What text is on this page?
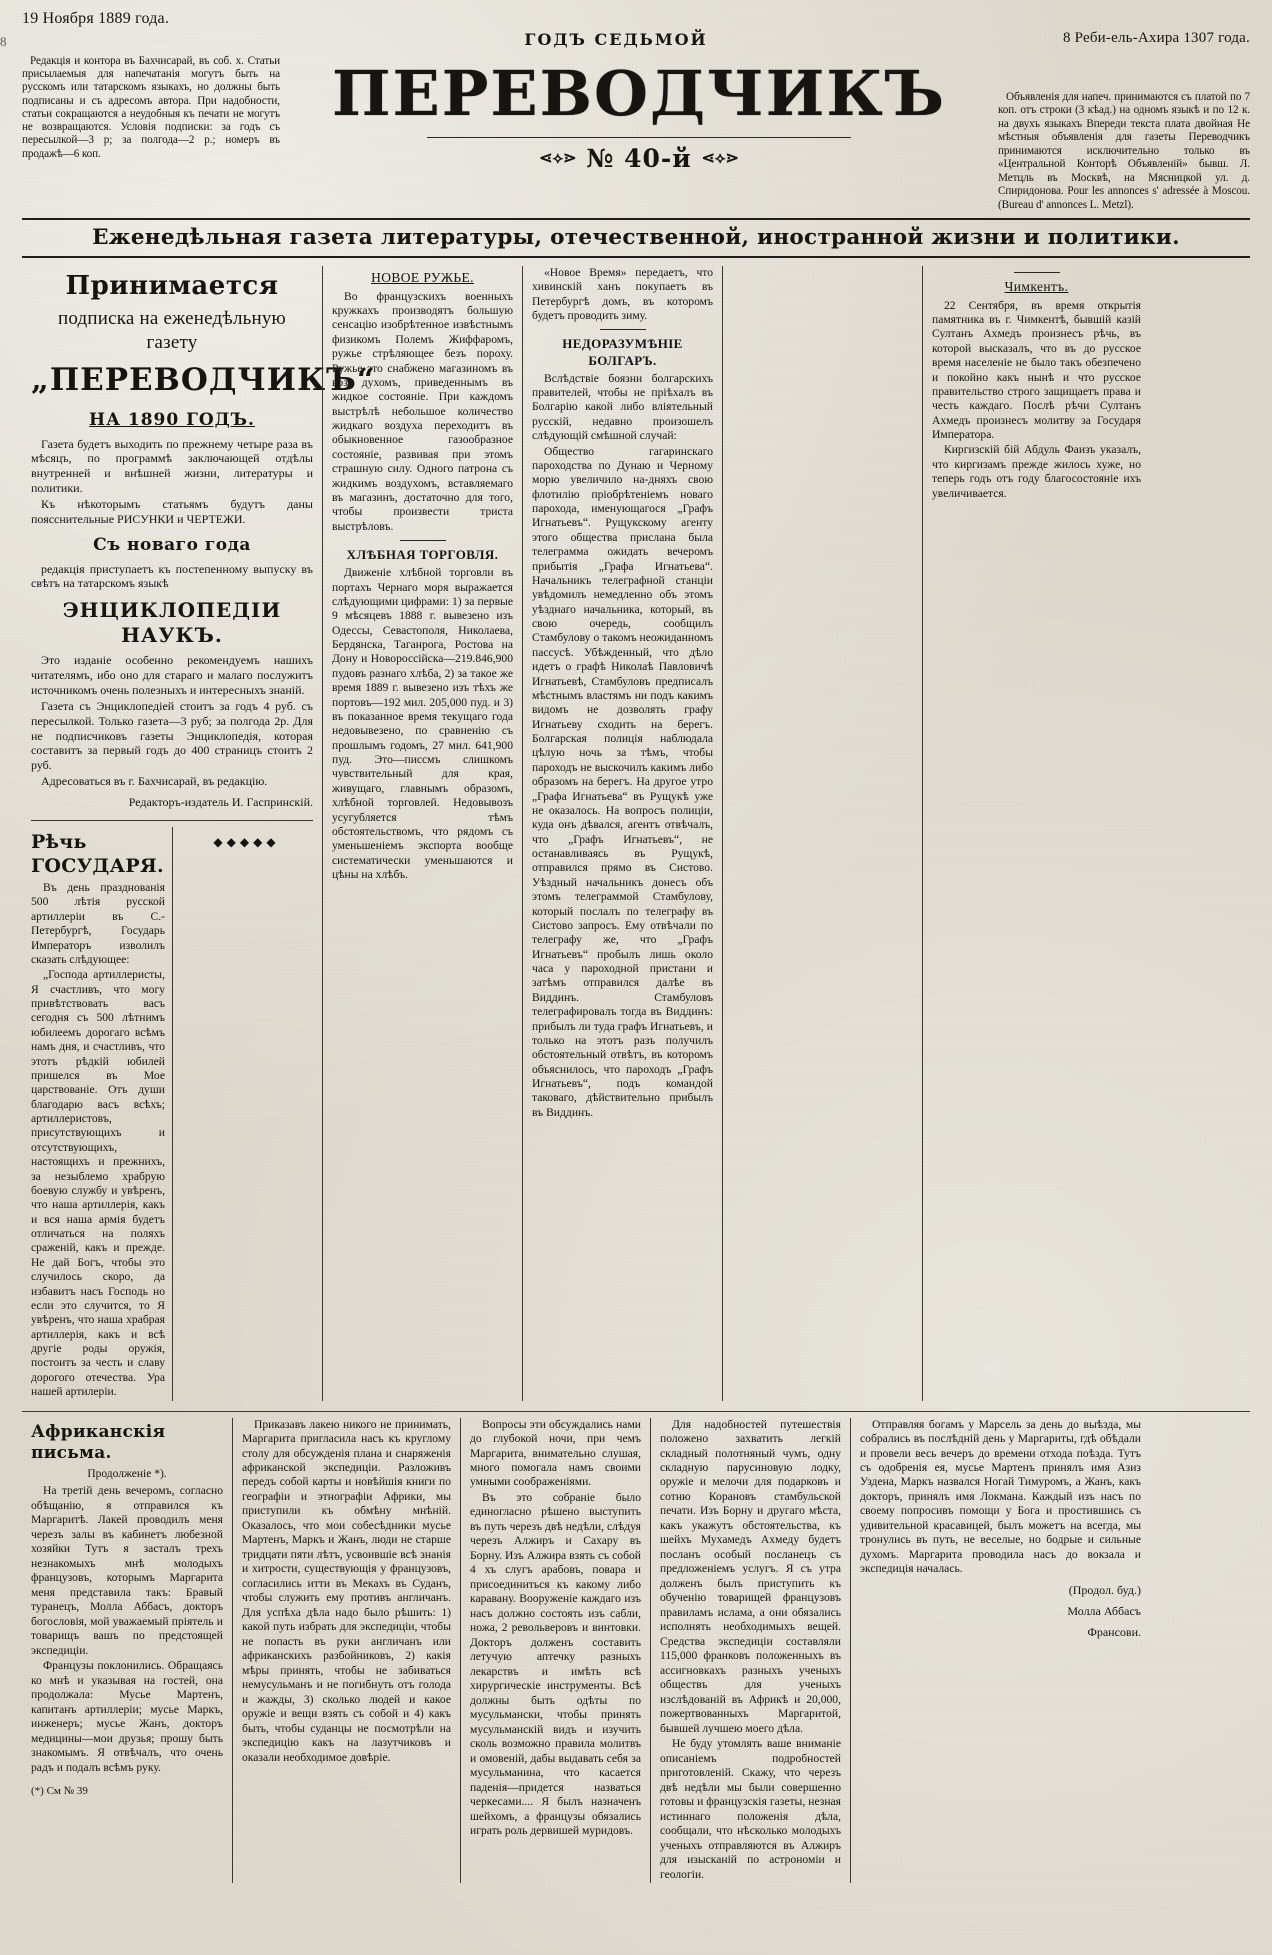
8
19 Ноября 1889 года.
ГОДЪ СЕДЬМОЙ	8 Реби-ель-Ахира 1307 года.

Редакція и контора въ Бахчисарай, въ соб. х. Статьи присылаемыя для напечатанія могутъ быть на русскомъ или татарскомъ языкахъ, но должны быть подписаны и съ адресомъ автора. При надобности, статьи сокращаются а неудобныя къ печати не могутъ не возвращаются. Условія подписки: за годъ съ пересылкой—3 р; за полгода—2 р.; номеръ въ продажѣ—6 коп.

ПЕРЕВОДЧИКЪ
⋖⟡⋗ № 40-й ⋖⟡⋗

Объявленія для напеч. принимаются съ платой по 7 коп. отъ строки (3 кѣад.) на одномъ языкѣ и по 12 к. на двухъ языкахъ Впереди текста плата двойная Не мѣстныя объявленія для газеты Переводчикъ принимаются исключительно только въ «Центральной Конторѣ Объявленій» бывш. Л. Метцль въ Москвѣ, на Мясницкой ул. д. Спиридонова. Pour les annonces s' adressée à Moscou. (Bureau d' annonces L. Metzl).

Еженедѣльная газета литературы, отечественной, иностранной жизни и политики.
Принимается
подписка на еженедѣльную газету
„ПЕРЕВОДЧИКЪ“
НА 1890 ГОДЪ.

Газета будетъ выходить по прежнему четыре раза въ мѣсяцъ, по программѣ заключающей отдѣлы внутренней и внѣшней жизни, литературы и политики.

Къ нѣкоторымъ статьямъ будутъ даны поясснительные РИСУНКИ и ЧЕРТЕЖИ.

Съ новаго года

редакція приступаетъ къ постепенному выпуску въ свѣтъ на татарскомъ языкѣ

ЭНЦИКЛОПЕДІИ НАУКЪ.

Это изданіе особенно рекомендуемъ нашихъ читателямъ, ибо оно для стараго и малаго послужитъ источникомъ очень полезныхъ и интересныхъ знаній.

Газета съ Энциклопедіей стоитъ за годъ 4 руб. съ пересылкой. Только газета—3 руб; за полгода 2р. Для не подписчиковъ газеты Энциклопедія, которая составитъ за первый годъ до 400 страницъ стоитъ 2 руб.

Адресоваться въ г. Бахчисарай, въ редакцію.

Редакторъ-издатель И. Гаспринскій.
Рѣчь ГОСУДАРЯ.

Въ день празднованія 500 лѣтія русской артиллеріи въ С.-Петербургѣ, Государь Императоръ изволилъ сказать слѣдующее:

„Господа артиллеристы, Я счастливъ, что могу привѣтствовать васъ сегодня съ 500 лѣтнимъ юбилеемъ дорогаго всѣмъ намъ дня, и счастливъ, что этотъ рѣдкій юбилей пришелся въ Мое царствованіе. Отъ души благодарю васъ всѣхъ; артиллеристовъ, присутствующихъ и отсутствующихъ, настоящихъ и прежнихъ, за незыблемо храбрую боевую службу и увѣренъ, что наша артиллерія, какъ и вся наша армія будетъ отличаться на поляхъ сраженій, какъ и прежде. Не дай Богъ, чтобы это случилось скоро, да избавитъ насъ Господь но если это случится, то Я увѣренъ, что наша храбрая артиллерія, какъ и всѣ другіе роды оружія, постоитъ за честь и славу дорогого отечества. Ура нашей артилеріи.

◆◆◆◆◆
НОВОЕ РУЖЬЕ.

Во французскихъ военныхъ кружкахъ производятъ большую сенсацію изобрѣтенное извѣстнымъ физикомъ Полемъ Жиффаромъ, ружье стрѣляющее безъ пороху. Ружье это снабжено магазиномъ въ воз духомъ, приведеннымъ въ жидкое состояніе. При каждомъ выстрѣлѣ небольшое количество жидкаго воздуха переходитъ въ обыкновенное газообразное состояніе, развивая при этомъ страшную силу. Одного патрона съ жидкимъ воздухомъ, вставляемаго въ магазинъ, достаточно для того, чтобы произвести триста выстрѣловъ.

ХЛѢБНАЯ ТОРГОВЛЯ.

Движеніе хлѣбной торговли въ портахъ Чернаго моря выражается слѣдующими цифрами: 1) за первые 9 мѣсяцевъ 1888 г. вывезено изъ Одессы, Севастополя, Николаева, Бердянска, Таганрога, Ростова на Дону и Новороссійска—219.846,900 пудовъ разнаго хлѣба, 2) за такое же время 1889 г. вывезено изъ тѣхъ же портовъ—192 мил. 205,000 пуд. и 3) въ показанное время текущаго года недовывезено, по сравненію съ прошлымъ годомъ, 27 мил. 641,900 пуд. Это—писсмъ слишкомъ чувствительный для края, живущаго, главнымъ образомъ, хлѣбной торговлей. Недовывозъ усугубляется тѣмъ обстоятельствомъ, что рядомъ съ уменьшеніемъ экспорта вообще систематически уменьшаются и цѣны на хлѣбъ.

«Новое Время» передаетъ, что хивинскій ханъ покупаетъ въ Петербургѣ домъ, въ которомъ будетъ проводить зиму.

НЕДОРАЗУМѢНІЕ БОЛГАРЪ.

Вслѣдствіе боязни болгарскихъ правителей, чтобы не пріѣхалъ въ Болгарію какой либо вліятельный русскій, недавно произошелъ слѣдующій смѣшной случай:

Общество гагаринскаго пароходства по Дунаю и Черному морю увеличило на-дняхъ свою флотилію пріобрѣтеніемъ новаго парохода, именующагося „Графъ Игнатьевъ“. Рущукскому агенту этого общества прислана была телеграмма ожидать вечеромъ прибытія „Графа Игнатьева“. Начальникъ телеграфной станціи увѣдомилъ немедленно объ этомъ уѣзднаго начальника, который, въ свою очередь, сообщилъ Стамбулову о такомъ неожиданномъ пассусѣ. Убѣжденный, что дѣло идетъ о графѣ Николаѣ Павловичѣ Игнатьевѣ, Стамбуловъ предписалъ мѣстнымъ властямъ ни подъ какимъ видомъ не дозволять графу Игнатьеву сходить на берегъ. Болгарская полиція наблюдала цѣлую ночь за тѣмъ, чтобы пароходъ не выскочилъ какимъ либо образомъ на берегъ. На другое утро „Графа Игнатьева“ въ Рущукѣ уже не оказалось. На вопросъ полиціи, куда онъ дѣвался, агентъ отвѣчалъ, что „Графъ Игнатьевъ“, не останавливаясь въ Рущукѣ, отправился прямо въ Систово. Уѣздный начальникъ донесъ объ этомъ телеграммой Стамбулову, который послалъ по телеграфу въ Систово запросъ. Ему отвѣчали по телеграфу же, что „Графъ Игнатьевъ“ пробылъ лишь около часа у пароходной пристани и затѣмъ отправился далѣе въ Виддинъ. Стамбуловъ телеграфировалъ тогда въ Виддинъ: прибылъ ли туда графъ Игнатьевъ, и только на этотъ разъ получилъ обстоятельный отвѣтъ, въ которомъ объяснилось, что пароходъ „Графъ Игнатьевъ“, подъ командой таковаго, дѣйствительно прибылъ въ Виддинъ.

Чимкентъ.

22 Сентября, въ время открытія памятника въ г. Чимкентѣ, бывшій казій Султанъ Ахмедъ произнесъ рѣчь, въ которой высказалъ, что въ до русское время населеніе не было такъ обезпечено и покойно какъ нынѣ и что русское правительство строго защищаетъ права и честь каждаго. Послѣ рѣчи Султанъ Ахмедъ произнесъ молитву за Государя Императора.

Киргизскій бій Абдуль Фаизъ указалъ, что киргизамъ прежде жилось хуже, но теперь годъ отъ году благосостояніе ихъ увеличивается.

Африканскія письма.
Продолженіе *).

На третій день вечеромъ, согласно обѣщанію, я отправился къ Маргаритѣ. Лакей проводилъ меня черезъ залы въ кабинетъ любезной хозяйки Тутъ я засталъ трехъ незнакомыхъ мнѣ молодыхъ французовъ, которымъ Маргарита меня представила такъ: Бравый туранецъ, Молла Аббасъ, докторъ богословія, мой уважаемый пріятель и товарищъ вашъ по предстоящей экспедиціи.

Французы поклонились. Обращаясь ко мнѣ и указывая на гостей, она продолжала: Мусье Мартенъ, капитанъ артиллеріи; мусье Маркъ, инженеръ; мусье Жанъ, докторъ медицины—мои друзья; прошу быть знакомымъ. Я отвѣчалъ, что очень радъ и подалъ всѣмъ руку.

(*) См № 39

Приказавъ лакею никого не принимать, Маргарита пригласила насъ къ круглому столу для обсужденія плана и снаряженія африканской экспедиціи. Разложивъ передъ собой карты и новѣйшія книги по географіи и этнографіи Африки, мы приступили къ обмѣну мнѣній. Оказалось, что мои собесѣдники мусье Мартенъ, Маркъ и Жанъ, люди не старше тридцати пяти лѣтъ, усвоившіе всѣ знанія и хитрости, существующія у французовъ, согласились итти въ Мекахъ въ Суданъ, чтобы служить ему противъ англичанъ. Для успѣха дѣла надо было рѣшить: 1) какой путь избрать для экспедиціи, чтобы не попасть въ руки англичанъ или африканскихъ разбойниковъ, 2) какія мѣры принять, чтобы не забиваться немусульманъ и не погибнуть отъ голода и жажды, 3) сколько людей и какое оружіе и вещи взять съ собой и 4) какъ быть, чтобы суданцы не посмотрѣли на экспедицію какъ на лазутчиковъ и оказали необходимое довѣріе.

Вопросы эти обсуждались нами до глубокой ночи, при чемъ Маргарита, внимательно слушая, много помогала намъ своими умными соображеніями.

Въ это собраніе было единогласно рѣшено выступить въ путь черезъ двѣ недѣли, слѣдуя черезъ Алжиръ и Сахару въ Борну. Изъ Алжира взять съ собой 4 хъ слугъ арабовъ, повара и присоединиться къ какому либо каравану. Вооруженіе каждаго изъ насъ должно состоять изъ сабли, ножа, 2 револьверовъ и винтовки. Докторъ долженъ составить летучую аптечку разныхъ лекарствъ и имѣть всѣ хирургическіе инструменты. Всѣ должны быть одѣты по мусульмански, чтобы принять мусульманскій видъ и изучить сколь возможно правила молитвъ и омовеній, дабы выдавать себя за мусульманина, что касается паденія—придется назваться черкесами.... Я былъ назначенъ шейхомъ, а французы обязались играть роль дервишей муридовъ.

Для надобностей путешествія положено захватить легкій складный полотняный чумъ, одну складную парусиновую лодку, оружіе и мелочи для подарковъ и сотню Корановъ стамбульской печати. Изъ Борну и другаго мѣста, какъ укажутъ обстоятельства, къ шейхъ Мухамедъ Ахмеду будетъ посланъ особый посланецъ съ предложеніемъ услугъ. Я съ утра долженъ былъ приступить къ обученію товарищей французовъ правиламъ ислама, а они обязались исполнять необходимыхъ вещей. Средства экспедиціи составляли 115,000 франковъ положенныхъ въ ассигновкахъ разныхъ ученыхъ обществъ для ученыхъ изслѣдованій въ Африкѣ и 20,000, пожертвованныхъ Маргаритой, бывшей лучшею моего дѣла.

Не буду утомлять ваше вниманіе описаніемъ подробностей приготовленій. Скажу, что черезъ двѣ недѣли мы были совершенно готовы и французскія газеты, незная истиннаго положенія дѣла, сообщали, что нѣсколько молодыхъ ученыхъ отправляются въ Алжиръ для изысканій по астрономіи и геологіи.

Отправляя богамъ у Марсель за день до выѣзда, мы собрались въ послѣдній день у Маргариты, гдѣ обѣдали и провели весь вечеръ до времени отхода поѣзда. Тутъ съ одобренія ея, мусье Мартенъ принялъ имя Азиз Уздена, Маркъ назвался Ногай Тимуромъ, а Жанъ, какъ докторъ, принялъ имя Локмана. Каждый изъ насъ по своему попросивъ помощи у Бога и простившись съ удивительной красавицей, былъ можетъ на всегда, мы тронулись въ путь, не веселые, но бодрые и сильные духомъ. Маргарита проводила насъ до вокзала и экспедиція началась.

(Продол. буд.)
Молла Аббасъ
Франсови.
